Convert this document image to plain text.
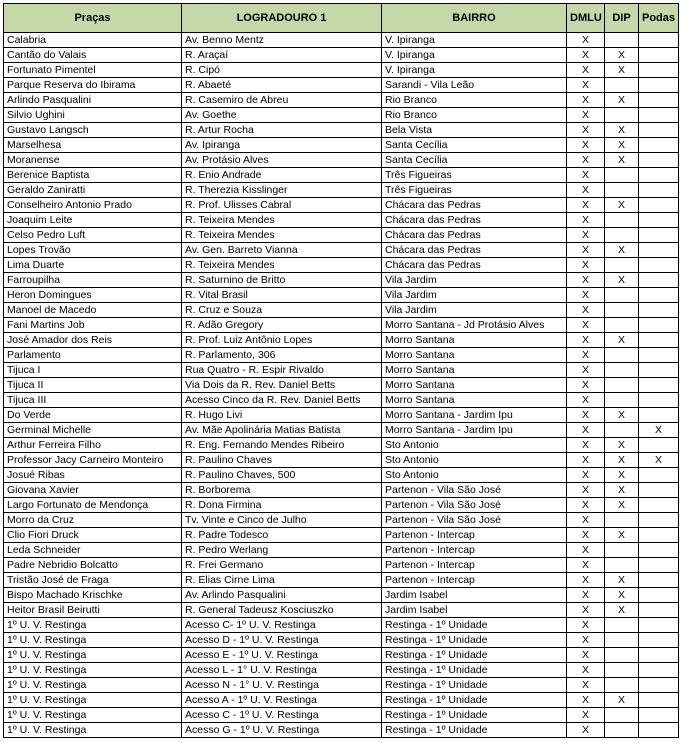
Praças	LOGRADOURO 1	BAIRRO	DMLU	DIP	Podas
Calabria	Av. Benno Mentz	V. Ipiranga	X		
Cantão do Valais	R. Araçaí	V. Ipiranga	X	X	
Fortunato Pimentel	R. Cipó	V. Ipiranga	X	X	
Parque Reserva do Ibirama	R. Abaeté	Sarandi - Vila Leão	X		
Arlindo Pasqualini	R. Casemiro de Abreu	Rio Branco	X	X	
Silvio Ughini	Av. Goethe	Rio Branco	X		
Gustavo Langsch	R. Artur Rocha	Bela Vista	X	X	
Marselhesa	Av. Ipiranga	Santa Cecília	X	X	
Moranense	Av. Protásio Alves	Santa Cecília	X	X	
Berenice Baptista	R. Enio Andrade	Três Figueiras	X		
Geraldo Zaniratti	R. Therezia Kisslinger	Três Figueiras	X		
Conselheiro Antonio Prado	R. Prof. Ulisses Cabral	Chácara das Pedras	X	X	
Joaquim Leite	R. Teixeira Mendes	Chácara das Pedras	X		
Celso Pedro Luft	R. Teixeira Mendes	Chácara das Pedras	X		
Lopes Trovão	Av. Gen. Barreto Vianna	Chácara das Pedras	X	X	
Lima Duarte	R. Teixeira Mendes	Chácara das Pedras	X		
Farroupilha	R. Saturnino de Britto	Vila Jardim	X	X	
Heron Domingues	R. Vital Brasil	Vila Jardim	X		
Manoel de Macedo	R. Cruz e Souza	Vila Jardim	X		
Fani Martins Job	R. Adão Gregory	Morro Santana - Jd Protásio Alves	X		
José Amador dos Reis	R. Prof. Luiz Antônio Lopes	Morro Santana	X	X	
Parlamento	R. Parlamento, 306	Morro Santana	X		
Tijuca I	Rua Quatro - R. Espir Rivaldo	Morro Santana	X		
Tijuca II	Via Dois da R. Rev. Daniel Betts	Morro Santana	X		
Tijuca III	Acesso Cinco da R. Rev. Daniel Betts	Morro Santana	X		
Do Verde	R. Hugo Livi	Morro Santana - Jardim Ipu	X	X	
Germinal Michelle	Av. Mãe Apolinária Matias Batista	Morro Santana - Jardim Ipu	X		X
Arthur Ferreira Filho	R. Eng. Fernando Mendes Ribeiro	Sto Antonio	X	X	
Professor Jacy Carneiro Monteiro	R. Paulino Chaves	Sto Antonio	X	X	X
Josué Ribas	R. Paulino Chaves, 500	Sto Antonio	X	X	
Giovana Xavier	R. Borborema	Partenon - Vila São José	X	X	
Largo Fortunato de Mendonça	R. Dona Firmina	Partenon - Vila São José	X	X	
Morro da Cruz	Tv. Vinte e Cinco de Julho	Partenon - Vila São José	X		
Clio Fiori Druck	R. Padre Todesco	Partenon - Intercap	X	X	
Leda Schneider	R. Pedro Werlang	Partenon - Intercap	X		
Padre Nebridio Bolcatto	R. Frei Germano	Partenon - Intercap	X		
Tristão José de Fraga	R. Elias Cirne Lima	Partenon - Intercap	X	X	
Bispo Machado Krischke	Av. Arlindo Pasqualini	Jardim Isabel	X	X	
Heitor Brasil Beirutti	R. General Tadeusz Kosciuszko	Jardim Isabel	X	X	
1º U. V. Restinga	Acesso C- 1º U. V. Restinga	Restinga - 1º Unidade	X		
1º U. V. Restinga	Acesso D - 1º U. V. Restinga	Restinga - 1º Unidade	X		
1º U. V. Restinga	Acesso E - 1º U. V. Restinga	Restinga - 1º Unidade	X		
1º U. V. Restinga	Acesso L - 1° U. V. Restinga	Restinga - 1º Unidade	X		
1º U. V. Restinga	Acesso N - 1° U. V. Restinga	Restinga - 1º Unidade	X		
1º U. V. Restinga	Acesso A - 1º U. V. Restinga	Restinga - 1º Unidade	X	X	
1º U. V. Restinga	Acesso C - 1º U. V. Restinga	Restinga - 1º Unidade	X		
1º U. V. Restinga	Acesso G - 1º U. V. Restinga	Restinga - 1º Unidade	X		
